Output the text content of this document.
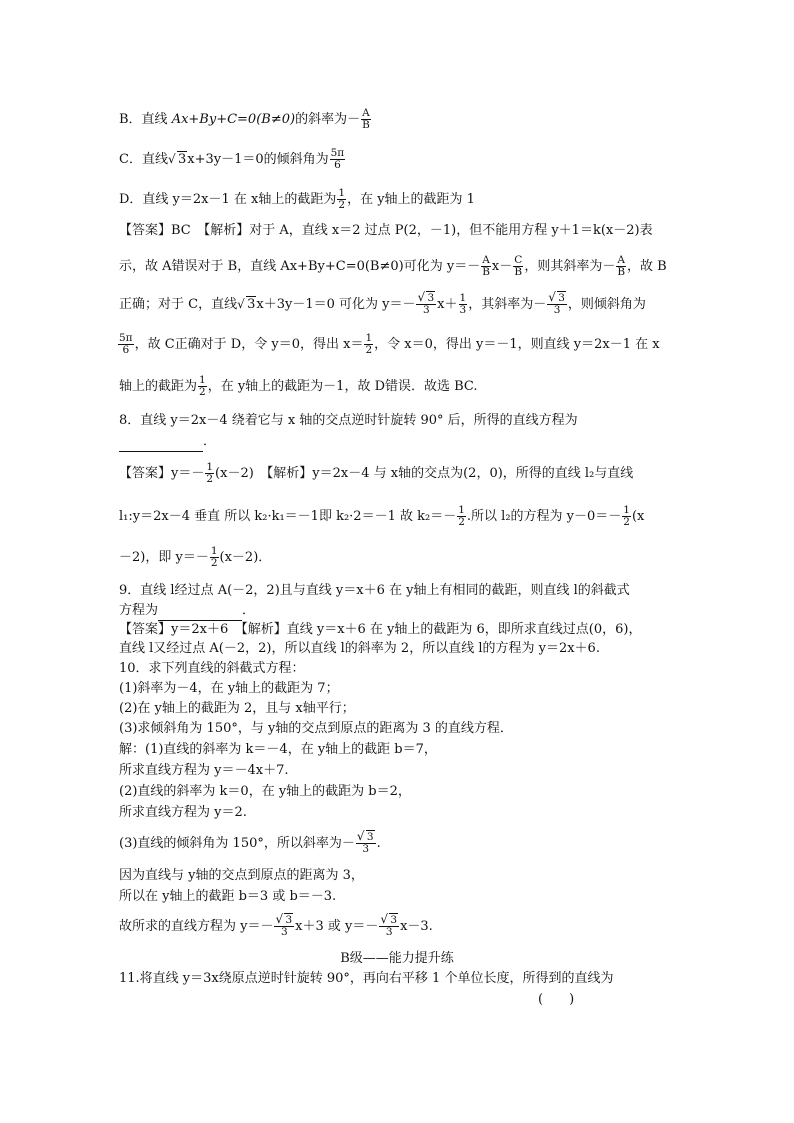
B．直线 Ax+By+C=0(B≠0)的斜率为－ $\frac{A}{B}$
C．直线 √ 3x+3y－1＝0的倾斜角为 $\frac{5\pi}{6}$
D．直线 y＝2x－1 在 x轴上的截距为 $\frac{1}{2}$ ，在 y轴上的截距为 1
【答案】BC　【解析】对于 A，直线 x＝2 过点 P(2，－1)，但不能用方程 y＋1＝k(x－2)表
示，故 A错误对于 B，直线 Ax+By+C=0(B≠0)可化为 $y=- \frac{A}{B} x- \frac{C}{B}$ ，则其斜率为－ $\frac{A}{B}$ ，故 B
正确；对于 C，直线 √ 3x＋3y－1＝0 可化为 y＝－ √ $\frac{3}{3} x+ \frac{1}{3}$ ，其斜率为－ √ $\frac{3}{3}$ ，则倾斜角为
$\frac{5\pi}{6}$ ，故 C正确对于 D，令 y＝0，得出 $x= \frac{1}{2}$ ，令 x＝0，得出 y＝－1，则直线 y＝2x－1 在 x
轴上的截距为 $\frac{1}{2}$ ，在 y轴上的截距为－1，故 D错误．故选 BC.
8．直线 y＝2x－4 绕着它与 x 轴的交点逆时针旋转 90° 后，所得的直线方程为
．
【答案】$y=- \frac{1}{2} (x-2)$　【解析】y＝2x－4 与 x轴的交点为(2，0)，所得的直线 l₂与直线
l₁:y＝2x－4 垂直 所以 k₂·k₁＝－1即 k₂·2＝－1 故 $k_2=- \frac{1}{2}$ .所以 l₂的方程为 $y-0=- \frac{1}{2} (x$
－2)，即 $y=- \frac{1}{2} (x-2)$．
9．直线 l经过点 A(－2，2)且与直线 y＝x＋6 在 y轴上有相同的截距，则直线 l的斜截式
方程为	．
【答案】y＝2x＋6　【解析】直线 y＝x＋6 在 y轴上的截距为 6，即所求直线过点(0，6)，
直线 l又经过点 A(－2，2)，所以直线 l的斜率为 2，所以直线 l的方程为 y＝2x＋6.
10．求下列直线的斜截式方程：
(1)斜率为－4，在 y轴上的截距为 7；
(2)在 y轴上的截距为 2，且与 x轴平行；
(3)求倾斜角为 150°，与 y轴的交点到原点的距离为 3 的直线方程．
解：(1)直线的斜率为 k＝－4，在 y轴上的截距 b＝7，
所求直线方程为 y＝－4x＋7.
(2)直线的斜率为 k＝0，在 y轴上的截距为 b＝2，
所求直线方程为 y＝2.
(3)直线的倾斜角为 150°，所以斜率为－ √ $\frac{3}{3}$ .
因为直线与 y轴的交点到原点的距离为 3，
所以在 y轴上的截距 b＝3 或 b＝－3.
故所求的直线方程为 y＝－ √ $\frac{3}{3} x+3$ 或 y＝－ √ $\frac{3}{3} x-3$.
B级——能力提升练
11.将直线 y＝3x绕原点逆时针旋转 90°，再向右平移 1 个单位长度，所得到的直线为
(　　)
